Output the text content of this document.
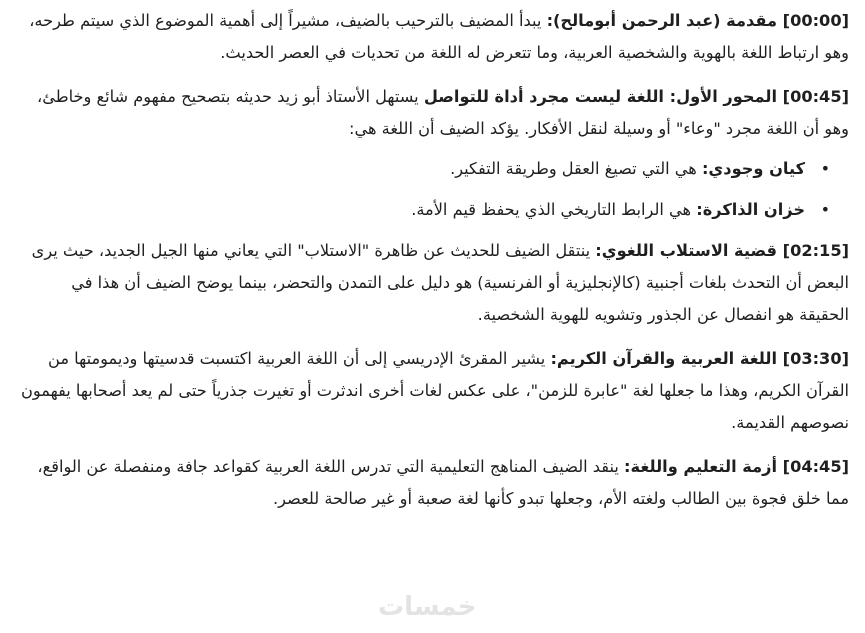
[00:00] مقدمة (عبد الرحمن أبومالح): يبدأ المضيف بالترحيب بالضيف، مشيراً إلى أهمية الموضوع الذي سيتم طرحه، وهو ارتباط اللغة بالهوية والشخصية العربية، وما تتعرض له اللغة من تحديات في العصر الحديث.

[00:45] المحور الأول: اللغة ليست مجرد أداة للتواصل يستهل الأستاذ أبو زيد حديثه بتصحيح مفهوم شائع وخاطئ، وهو أن اللغة مجرد "وعاء" أو وسيلة لنقل الأفكار. يؤكد الضيف أن اللغة هي:

•
كيان وجودي: هي التي تصيغ العقل وطريقة التفكير.
•
خزان الذاكرة: هي الرابط التاريخي الذي يحفظ قيم الأمة.

[02:15] قضية الاستلاب اللغوي: ينتقل الضيف للحديث عن ظاهرة "الاستلاب" التي يعاني منها الجيل الجديد، حيث يرى البعض أن التحدث بلغات أجنبية (كالإنجليزية أو الفرنسية) هو دليل على التمدن والتحضر، بينما يوضح الضيف أن هذا في الحقيقة هو انفصال عن الجذور وتشويه للهوية الشخصية.

[03:30] اللغة العربية والقرآن الكريم: يشير المقرئ الإدريسي إلى أن اللغة العربية اكتسبت قدسيتها وديمومتها من القرآن الكريم، وهذا ما جعلها لغة "عابرة للزمن"، على عكس لغات أخرى اندثرت أو تغيرت جذرياً حتى لم يعد أصحابها يفهمون نصوصهم القديمة.

[04:45] أزمة التعليم واللغة: ينقد الضيف المناهج التعليمية التي تدرس اللغة العربية كقواعد جافة ومنفصلة عن الواقع، مما خلق فجوة بين الطالب ولغته الأم، وجعلها تبدو كأنها لغة صعبة أو غير صالحة للعصر.

خمسات
